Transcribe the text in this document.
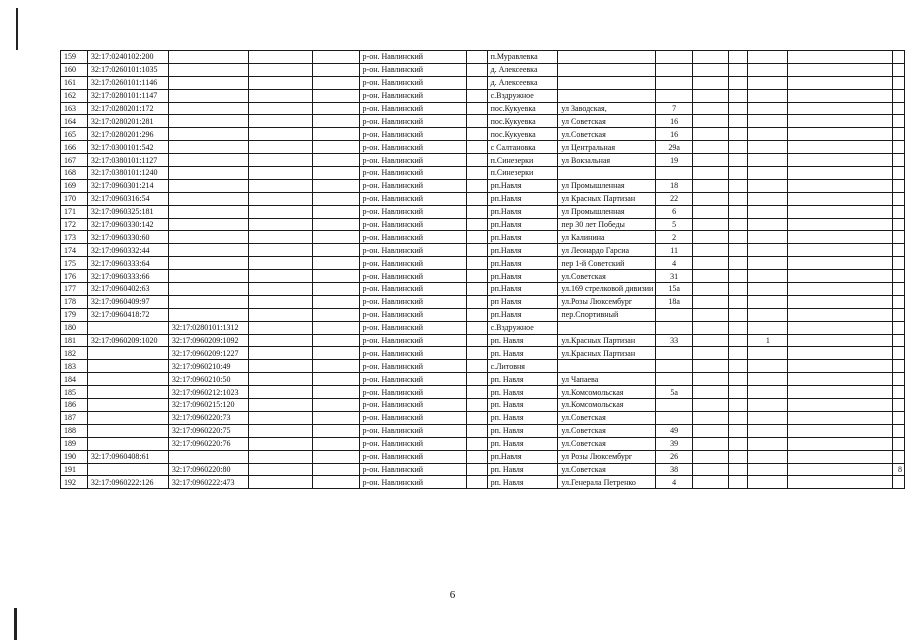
159	32:17:0240102:200				р-он. Навлинский		п.Муравлевка							
160	32:17:0260101:1035				р-он. Навлинский		д. Алексеевка							
161	32:17:0260101:1146				р-он. Навлинский		д. Алексеевка							
162	32:17:0280101:1147				р-он. Навлинский		с.Вздружное							
163	32:17:0280201:172				р-он. Навлинский		пос.Кукуевка	ул Заводская,	7					
164	32:17:0280201:281				р-он. Навлинский		пос.Кукуевка	ул Советская	16					
165	32:17:0280201:296				р-он. Навлинский		пос.Кукуевка	ул.Советская	16					
166	32:17:0300101:542				р-он. Навлинский		с Салтановка	ул Центральная	29а					
167	32:17:0380101:1127				р-он. Навлинский		п.Синезерки	ул Вокзальная	19					
168	32:17:0380101:1240				р-он. Навлинский		п.Синезерки							
169	32:17:0960301:214				р-он. Навлинский		рп.Навля	ул Промышленная	18					
170	32:17:0960316:54				р-он. Навлинский		рп.Навля	ул Красных Партизан	22					
171	32:17:0960325:181				р-он. Навлинский		рп.Навля	ул Промышленная	6					
172	32:17:0960330:142				р-он. Навлинский		рп.Навля	пер 30 лет Победы	5					
173	32:17:0960330:60				р-он. Навлинский		рп.Навля	ул Калинина	2					
174	32:17:0960332:44				р-он. Навлинский		рп.Навля	ул Леонардо Гарсиа	11					
175	32:17:0960333:64				р-он. Навлинский		рп.Навля	пер 1-й Советский	4					
176	32:17:0960333:66				р-он. Навлинский		рп.Навля	ул.Советская	31					
177	32:17:0960402:63				р-он. Навлинский		рп.Навля	ул.169 стрелковой дивизии	15а					
178	32:17:0960409:97				р-он. Навлинский		рп Навля	ул.Розы Люксембург	18а					
179	32:17:0960418:72				р-он. Навлинский		рп.Навля	пер.Спортивный						
180		32:17:0280101:1312			р-он. Навлинский		с.Вздружное							
181	32:17:0960209:1020	32:17:0960209:1092			р-он. Навлинский		рп. Навля	ул.Красных Партизан	33			1		
182		32:17:0960209:1227			р-он. Навлинский		рп. Навля	ул.Красных Партизан						
183		32:17:0960210:49			р-он. Навлинский		с.Литовня							
184		32:17:0960210:50			р-он. Навлинский		рп. Навля	ул Чапаева						
185		32:17:0960212:1023			р-он. Навлинский		рп. Навля	ул.Комсомольская	5а					
186		32:17:0960215:120			р-он. Навлинский		рп. Навля	ул.Комсомольская						
187		32:17:0960220:73			р-он. Навлинский		рп. Навля	ул.Советская						
188		32:17:0960220:75			р-он. Навлинский		рп. Навля	ул.Советская	49					
189		32:17:0960220:76			р-он. Навлинский		рп. Навля	ул.Советская	39					
190	32:17:0960408:61				р-он. Навлинский		рп.Навля	ул Розы Люксембург	26					
191		32:17:0960220:80			р-он. Навлинский		рп. Навля	ул.Советская	38					8
192	32:17:0960222:126	32:17:0960222:473			р-он. Навлинский		рп. Навля	ул.Генерала Петренко	4					
6
